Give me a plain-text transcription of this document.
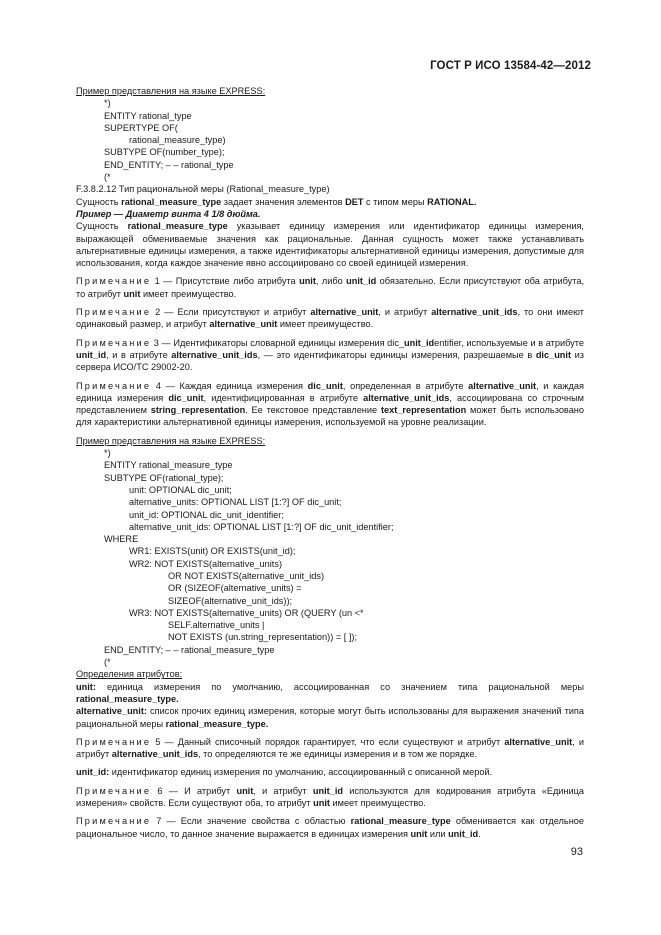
ГОСТ Р ИСО 13584-42—2012
Пример представления на языке EXPRESS:
*)
ENTITY rational_type
SUPERTYPE OF(
rational_measure_type)
SUBTYPE OF(number_type);
END_ENTITY; – – rational_type
(*
F.3.8.2.12 Тип рациональной меры (Rational_measure_type)
Сущность rational_measure_type задает значения элементов DET с типом меры RATIONAL.
Пример — Диаметр винта 4 1/8 дюйма.

Сущность rational_measure_type указывает единицу измерения или идентификатор единицы измерения, выражающей обмениваемые значения как рациональные. Данная сущность может также устанавливать альтернативные единицы измерения, а также идентификаторы альтернативной единицы измерения, допустимые для использования, когда каждое значение явно ассоциировано со своей единицей измерения.

Примечание 1 — Присутствие либо атрибута unit, либо unit_id обязательно. Если присутствуют оба атрибута, то атрибут unit имеет преимущество.

Примечание 2 — Если присутствуют и атрибут alternative_unit, и атрибут alternative_unit_ids, то они имеют одинаковый размер, и атрибут alternative_unit имеет преимущество.

Примечание 3 — Идентификаторы словарной единицы измерения dic_unit_identifier, используемые и в атрибуте unit_id, и в атрибуте alternative_unit_ids, — это идентификаторы единицы измерения, разрешаемые в dic_unit из сервера ИСО/ТС 29002-20.

Примечание 4 — Каждая единица измерения dic_unit, определенная в атрибуте alternative_unit, и каждая единица измерения dic_unit, идентифицированная в атрибуте alternative_unit_ids, ассоциирована со строчным представлением string_representation. Ее текстовое представление text_representation может быть использовано для характеристики альтернативной единицы измерения, используемой на уровне реализации.

Пример представления на языке EXPRESS:
*)
ENTITY rational_measure_type
SUBTYPE OF(rational_type);
unit: OPTIONAL dic_unit;
alternative_units: OPTIONAL LIST [1:?] OF dic_unit;
unit_id: OPTIONAL dic_unit_identifier;
alternative_unit_ids: OPTIONAL LIST [1:?] OF dic_unit_identifier;
WHERE
WR1: EXISTS(unit) OR EXISTS(unit_id);
WR2: NOT EXISTS(alternative_units)
OR NOT EXISTS(alternative_unit_ids)
OR (SIZEOF(alternative_units) =
SIZEOF(alternative_unit_ids));
WR3: NOT EXISTS(alternative_units) OR (QUERY (un <*
SELF.alternative_units |
NOT EXISTS (un.string_representation)) = [ ]);
END_ENTITY; – – rational_measure_type
(*
Определения атрибутов:

unit: единица измерения по умолчанию, ассоциированная со значением типа рациональной меры rational_measure_type.

alternative_unit: список прочих единиц измерения, которые могут быть использованы для выражения значений типа рациональной меры rational_measure_type.

Примечание 5 — Данный списочный порядок гарантирует, что если существуют и атрибут alternative_unit, и атрибут alternative_unit_ids, то определяются те же единицы измерения и в том же порядке.

unit_id: идентификатор единиц измерения по умолчанию, ассоциированный с описанной мерой.

Примечание 6 — И атрибут unit, и атрибут unit_id используются для кодирования атрибута «Единица измерения» свойств. Если существуют оба, то атрибут unit имеет преимущество.

Примечание 7 — Если значение свойства с областью rational_measure_type обменивается как отдельное рациональное число, то данное значение выражается в единицах измерения unit или unit_id.

93
